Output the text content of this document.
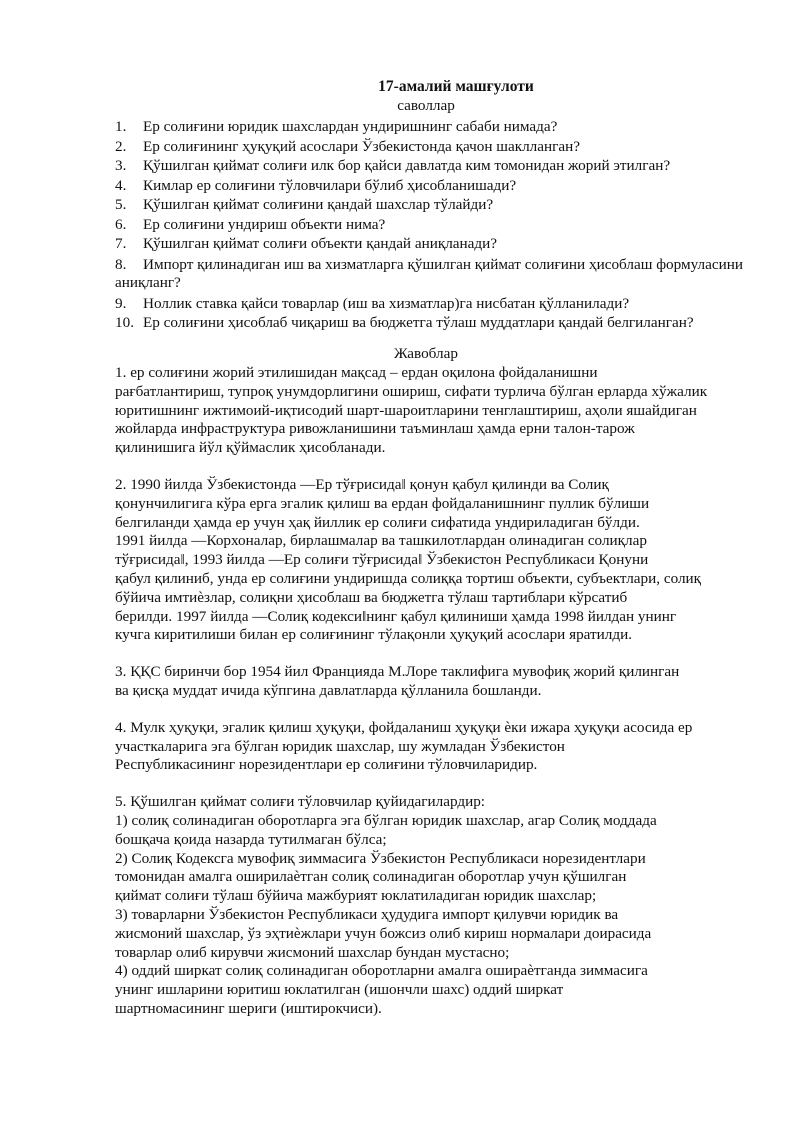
17-амалий машғулоти
саволлар
1.	Ер солиғини юридик шахслардан ундиришнинг сабаби нимада?
2.	Ер солиғининг ҳуқуқий асослари Ўзбекистонда қачон шаклланган?
3.	Қўшилган қиймат солиғи илк бор қайси давлатда ким томонидан жорий этилган?
4.	Кимлар ер солиғини тўловчилари бўлиб ҳисобланишади?
5.	Қўшилган қиймат солиғини қандай шахслар тўлайди?
6.	Ер солиғини ундириш объекти нима?
7.	Қўшилган қиймат солиғи объекти қандай аниқланади?
8. Импорт қилинадиган иш ва хизматларга қўшилган қиймат солиғини ҳисоблаш формуласини аниқланг?
9.	Ноллик ставка қайси товарлар (иш ва хизматлар)га нисбатан қўлланилади?
10. Ер солиғини ҳисоблаб чиқариш ва бюджетга тўлаш муддатлари қандай белгиланган?
Жавоблар

1. ер солиғини жорий этилишидан мақсад – ердан оқилона фойдаланишни

рағбатлантириш, тупроқ унумдорлигини ошириш, сифати турлича бўлган ерларда хўжалик

юритишнинг ижтимоий-иқтисодий шарт-шароитларини тенглаштириш, аҳоли яшайдиган

жойларда инфраструктура ривожланишини таъминлаш ҳамда ерни талон-тарож

қилинишига йўл қўймаслик ҳисобланади.

2. 1990 йилда Ўзбекистонда ―Ер тўғрисида‖ қонун қабул қилинди ва Солиқ

қонунчилигига кўра ерга эгалик қилиш ва ердан фойдаланишнинг пуллик бўлиши

белгиланди ҳамда ер учун ҳақ йиллик ер солиғи сифатида ундириладиган бўлди.

1991 йилда ―Корхоналар, бирлашмалар ва ташкилотлардан олинадиган солиқлар

тўғрисида‖, 1993 йилда ―Ер солиғи тўғрисида‖ Ўзбекистон Республикаси Қонуни

қабул қилиниб, унда ер солиғини ундиришда солиққа тортиш объекти, субъектлари, солиқ

бўйича имтиѐзлар, солиқни ҳисоблаш ва бюджетга тўлаш тартиблари кўрсатиб

берилди. 1997 йилда ―Солиқ кодекси‖нинг қабул қилиниши ҳамда 1998 йилдан унинг

кучга киритилиши билан ер солиғининг тўлақонли ҳуқуқий асослари яратилди.

3. ҚҚС биринчи бор 1954 йил Францияда М.Лоре таклифига мувофиқ жорий қилинган

ва қисқа муддат ичида кўпгина давлатларда қўлланила бошланди.

4. Мулк ҳуқуқи, эгалик қилиш ҳуқуқи, фойдаланиш ҳуқуқи ѐки ижара ҳуқуқи асосида ер

участкаларига эга бўлган юридик шахслар, шу жумладан Ўзбекистон

Республикасининг норезидентлари ер солиғини тўловчиларидир.

5. Қўшилган қиймат солиғи тўловчилар қуйидагилардир:

1) солиқ солинадиган оборотларга эга бўлган юридик шахслар, агар Солиқ моддада

бошқача қоида назарда тутилмаган бўлса;

2) Солиқ Кодексга мувофиқ зиммасига Ўзбекистон Республикаси норезидентлари

томонидан амалга оширилаѐтган солиқ солинадиган оборотлар учун қўшилган

қиймат солиғи тўлаш бўйича мажбурият юклатиладиган юридик шахслар;

3) товарларни Ўзбекистон Республикаси ҳудудига импорт қилувчи юридик ва

жисмоний шахслар, ўз эҳтиѐжлари учун божсиз олиб кириш нормалари доирасида

товарлар олиб кирувчи жисмоний шахслар бундан мустасно;

4) оддий ширкат солиқ солинадиган оборотларни амалга ошираѐтганда зиммасига

унинг ишларини юритиш юклатилган (ишончли шахс) оддий ширкат

шартномасининг шериги (иштирокчиси).
